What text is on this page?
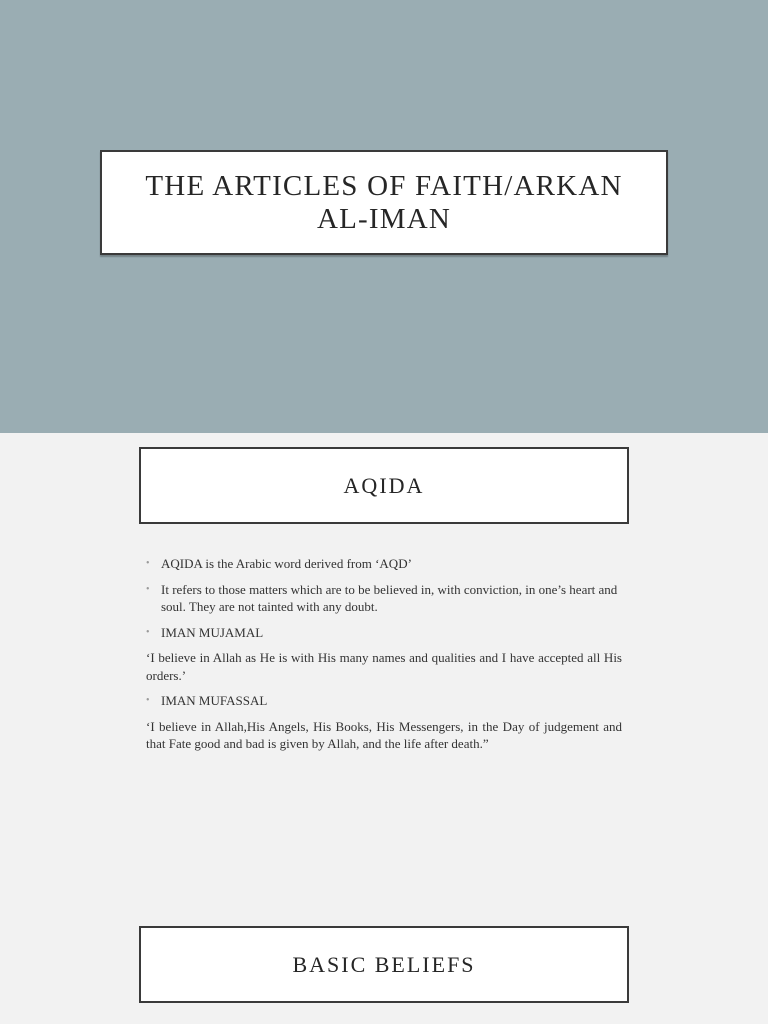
THE ARTICLES OF FAITH/ARKAN
AL-IMAN
AQIDA
• AQIDA is the Arabic word derived from ‘AQD’
• It refers to those matters which are to be believed in, with conviction, in one’s heart and soul. They are not tainted with any doubt.
• IMAN MUJAMAL
‘I believe in Allah as He is with His many names and qualities and I have accepted all His orders.’
• IMAN MUFASSAL
‘I believe in Allah,His Angels, His Books, His Messengers, in the Day of judgement and that Fate good and bad is given by Allah, and the life after death.”
BASIC BELIEFS
